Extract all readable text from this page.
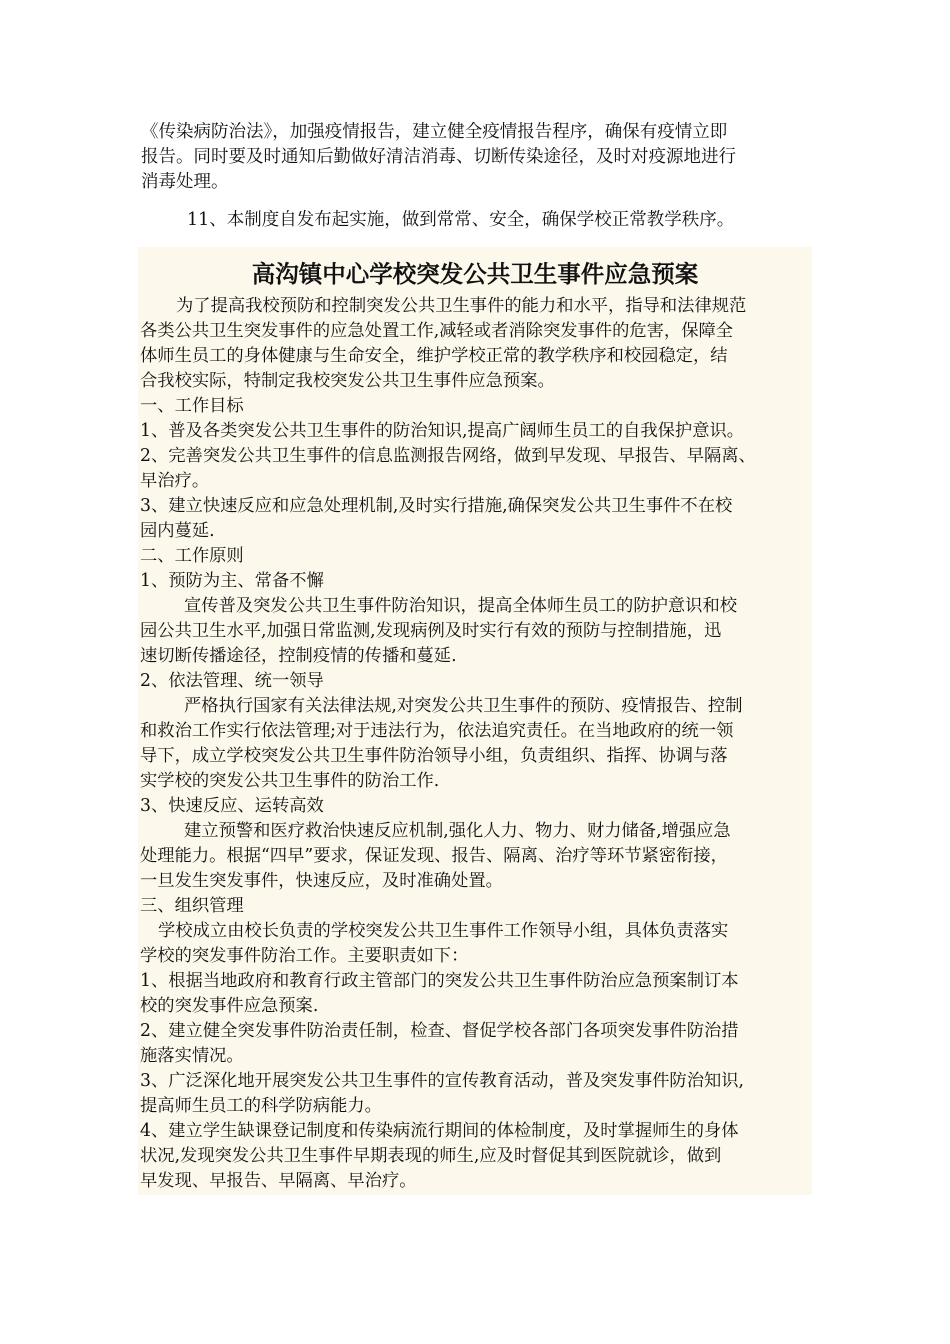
《传染病防治法》，加强疫情报告，建立健全疫情报告程序，确保有疫情立即
报告。同时要及时通知后勤做好清洁消毒、切断传染途径，及时对疫源地进行
消毒处理。
11、本制度自发布起实施，做到常常、安全，确保学校正常教学秩序。
高沟镇中心学校突发公共卫生事件应急预案
为了提高我校预防和控制突发公共卫生事件的能力和水平，指导和法律规范
各类公共卫生突发事件的应急处置工作,减轻或者消除突发事件的危害，保障全
体师生员工的身体健康与生命安全，维护学校正常的教学秩序和校园稳定，结
合我校实际，特制定我校突发公共卫生事件应急预案。
一、工作目标
1、普及各类突发公共卫生事件的防治知识,提高广阔师生员工的自我保护意识。
2、完善突发公共卫生事件的信息监测报告网络，做到早发现、早报告、早隔离、
早治疗。
3、建立快速反应和应急处理机制,及时实行措施,确保突发公共卫生事件不在校
园内蔓延.
二、工作原则
1、预防为主、常备不懈
宣传普及突发公共卫生事件防治知识，提高全体师生员工的防护意识和校
园公共卫生水平,加强日常监测,发现病例及时实行有效的预防与控制措施，迅
速切断传播途径，控制疫情的传播和蔓延.
2、依法管理、统一领导
严格执行国家有关法律法规,对突发公共卫生事件的预防、疫情报告、控制
和救治工作实行依法管理;对于违法行为，依法追究责任。在当地政府的统一领
导下，成立学校突发公共卫生事件防治领导小组，负责组织、指挥、协调与落
实学校的突发公共卫生事件的防治工作.
3、快速反应、运转高效
建立预警和医疗救治快速反应机制,强化人力、物力、财力储备,增强应急
处理能力。根据“四早”要求，保证发现、报告、隔离、治疗等环节紧密衔接，
一旦发生突发事件，快速反应，及时准确处置。
三、组织管理
学校成立由校长负责的学校突发公共卫生事件工作领导小组，具体负责落实
学校的突发事件防治工作。主要职责如下：
1、根据当地政府和教育行政主管部门的突发公共卫生事件防治应急预案制订本
校的突发事件应急预案.
2、建立健全突发事件防治责任制，检查、督促学校各部门各项突发事件防治措
施落实情况。
3、广泛深化地开展突发公共卫生事件的宣传教育活动，普及突发事件防治知识,
提高师生员工的科学防病能力。
4、建立学生缺课登记制度和传染病流行期间的体检制度，及时掌握师生的身体
状况,发现突发公共卫生事件早期表现的师生,应及时督促其到医院就诊，做到
早发现、早报告、早隔离、早治疗。
